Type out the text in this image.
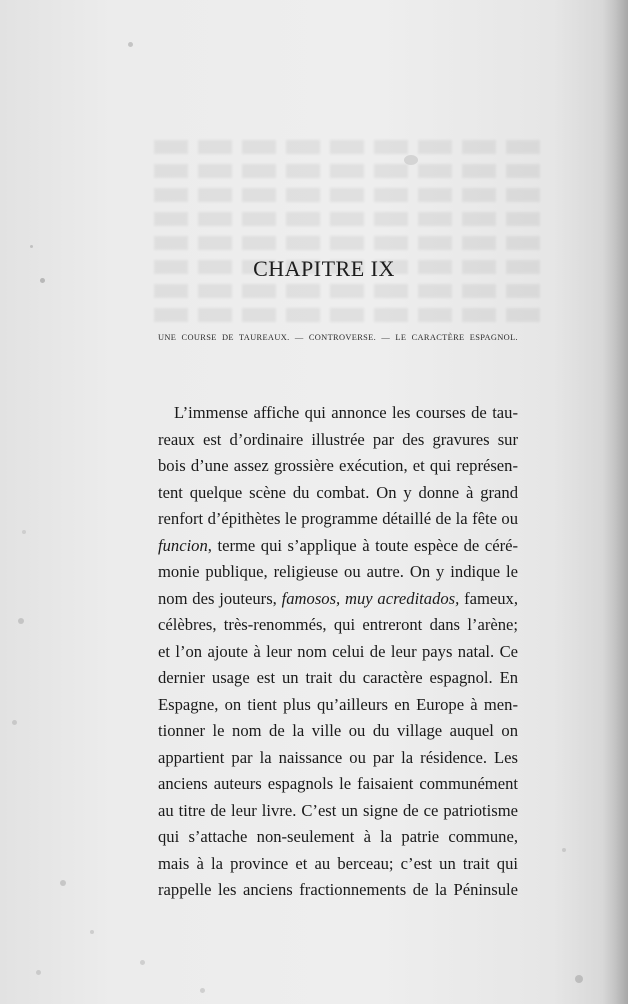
CHAPITRE IX
UNE COURSE DE TAUREAUX. — CONTROVERSE. — LE CARACTÈRE ESPAGNOL.
L’immense affiche qui annonce les courses de tau-
reaux est d’ordinaire illustrée par des gravures sur
bois d’une assez grossière exécution, et qui représen-
tent quelque scène du combat. On y donne à grand
renfort d’épithètes le programme détaillé de la fête ou
funcion, terme qui s’applique à toute espèce de céré-
monie publique, religieuse ou autre. On y indique le
nom des jouteurs, famosos, muy acreditados, fameux,
célèbres, très-renommés, qui entreront dans l’arène;
et l’on ajoute à leur nom celui de leur pays natal. Ce
dernier usage est un trait du caractère espagnol. En
Espagne, on tient plus qu’ailleurs en Europe à men-
tionner le nom de la ville ou du village auquel on
appartient par la naissance ou par la résidence. Les
anciens auteurs espagnols le faisaient communément
au titre de leur livre. C’est un signe de ce patriotisme
qui s’attache non-seulement à la patrie commune,
mais à la province et au berceau; c’est un trait qui
rappelle les anciens fractionnements de la Péninsule
